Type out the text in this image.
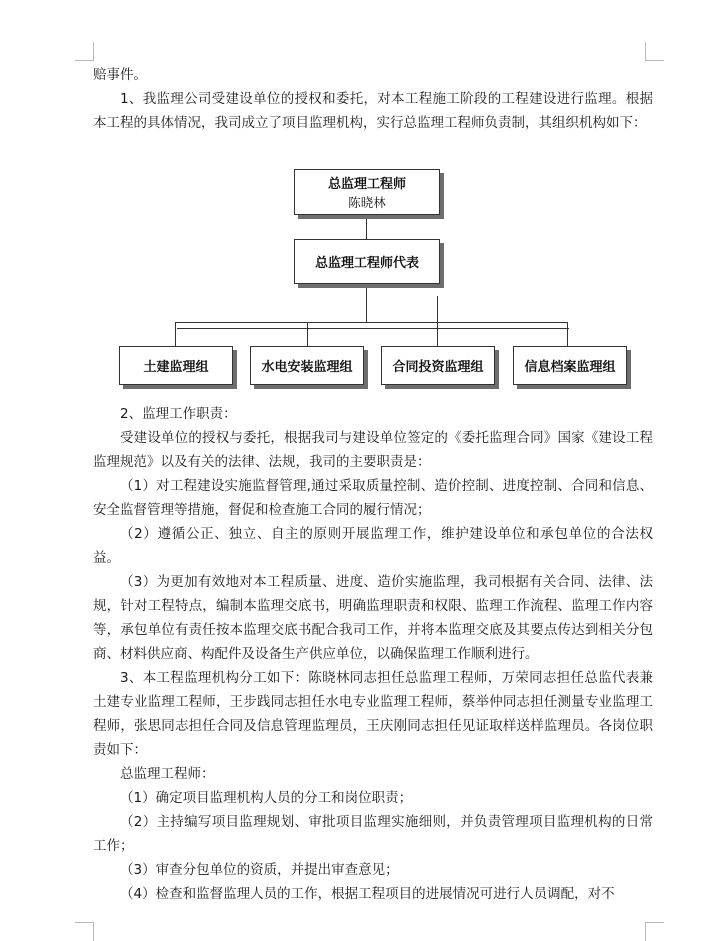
赔事件。

1、我监理公司受建设单位的授权和委托，对本工程施工阶段的工程建设进行监理。根据本工程的具体情况，我司成立了项目监理机构，实行总监理工程师负责制，其组织机构如下：

总监理工程师
陈晓林
总监理工程师代表
土建监理组	水电安装监理组	合同投资监理组	信息档案监理组

2、监理工作职责：

受建设单位的授权与委托，根据我司与建设单位签定的《委托监理合同》国家《建设工程监理规范》以及有关的法律、法规，我司的主要职责是：

（1）对工程建设实施监督管理,通过采取质量控制、造价控制、进度控制、合同和信息、安全监督管理等措施，督促和检查施工合同的履行情况；

（2）遵循公正、独立、自主的原则开展监理工作，维护建设单位和承包单位的合法权益。

（3）为更加有效地对本工程质量、进度、造价实施监理，我司根据有关合同、法律、法规，针对工程特点，编制本监理交底书，明确监理职责和权限、监理工作流程、监理工作内容等，承包单位有责任按本监理交底书配合我司工作，并将本监理交底及其要点传达到相关分包商、材料供应商、构配件及设备生产供应单位，以确保监理工作顺利进行。

3、本工程监理机构分工如下：陈晓林同志担任总监理工程师，万荣同志担任总监代表兼土建专业监理工程师，王步践同志担任水电专业监理工程师，蔡举仲同志担任测量专业监理工程师，张思同志担任合同及信息管理监理员，王庆刚同志担任见证取样送样监理员。各岗位职责如下：

总监理工程师：

（1）确定项目监理机构人员的分工和岗位职责；

（2）主持编写项目监理规划、审批项目监理实施细则，并负责管理项目监理机构的日常工作；

（3）审查分包单位的资质，并提出审查意见；

（4）检查和监督监理人员的工作，根据工程项目的进展情况可进行人员调配，对不
